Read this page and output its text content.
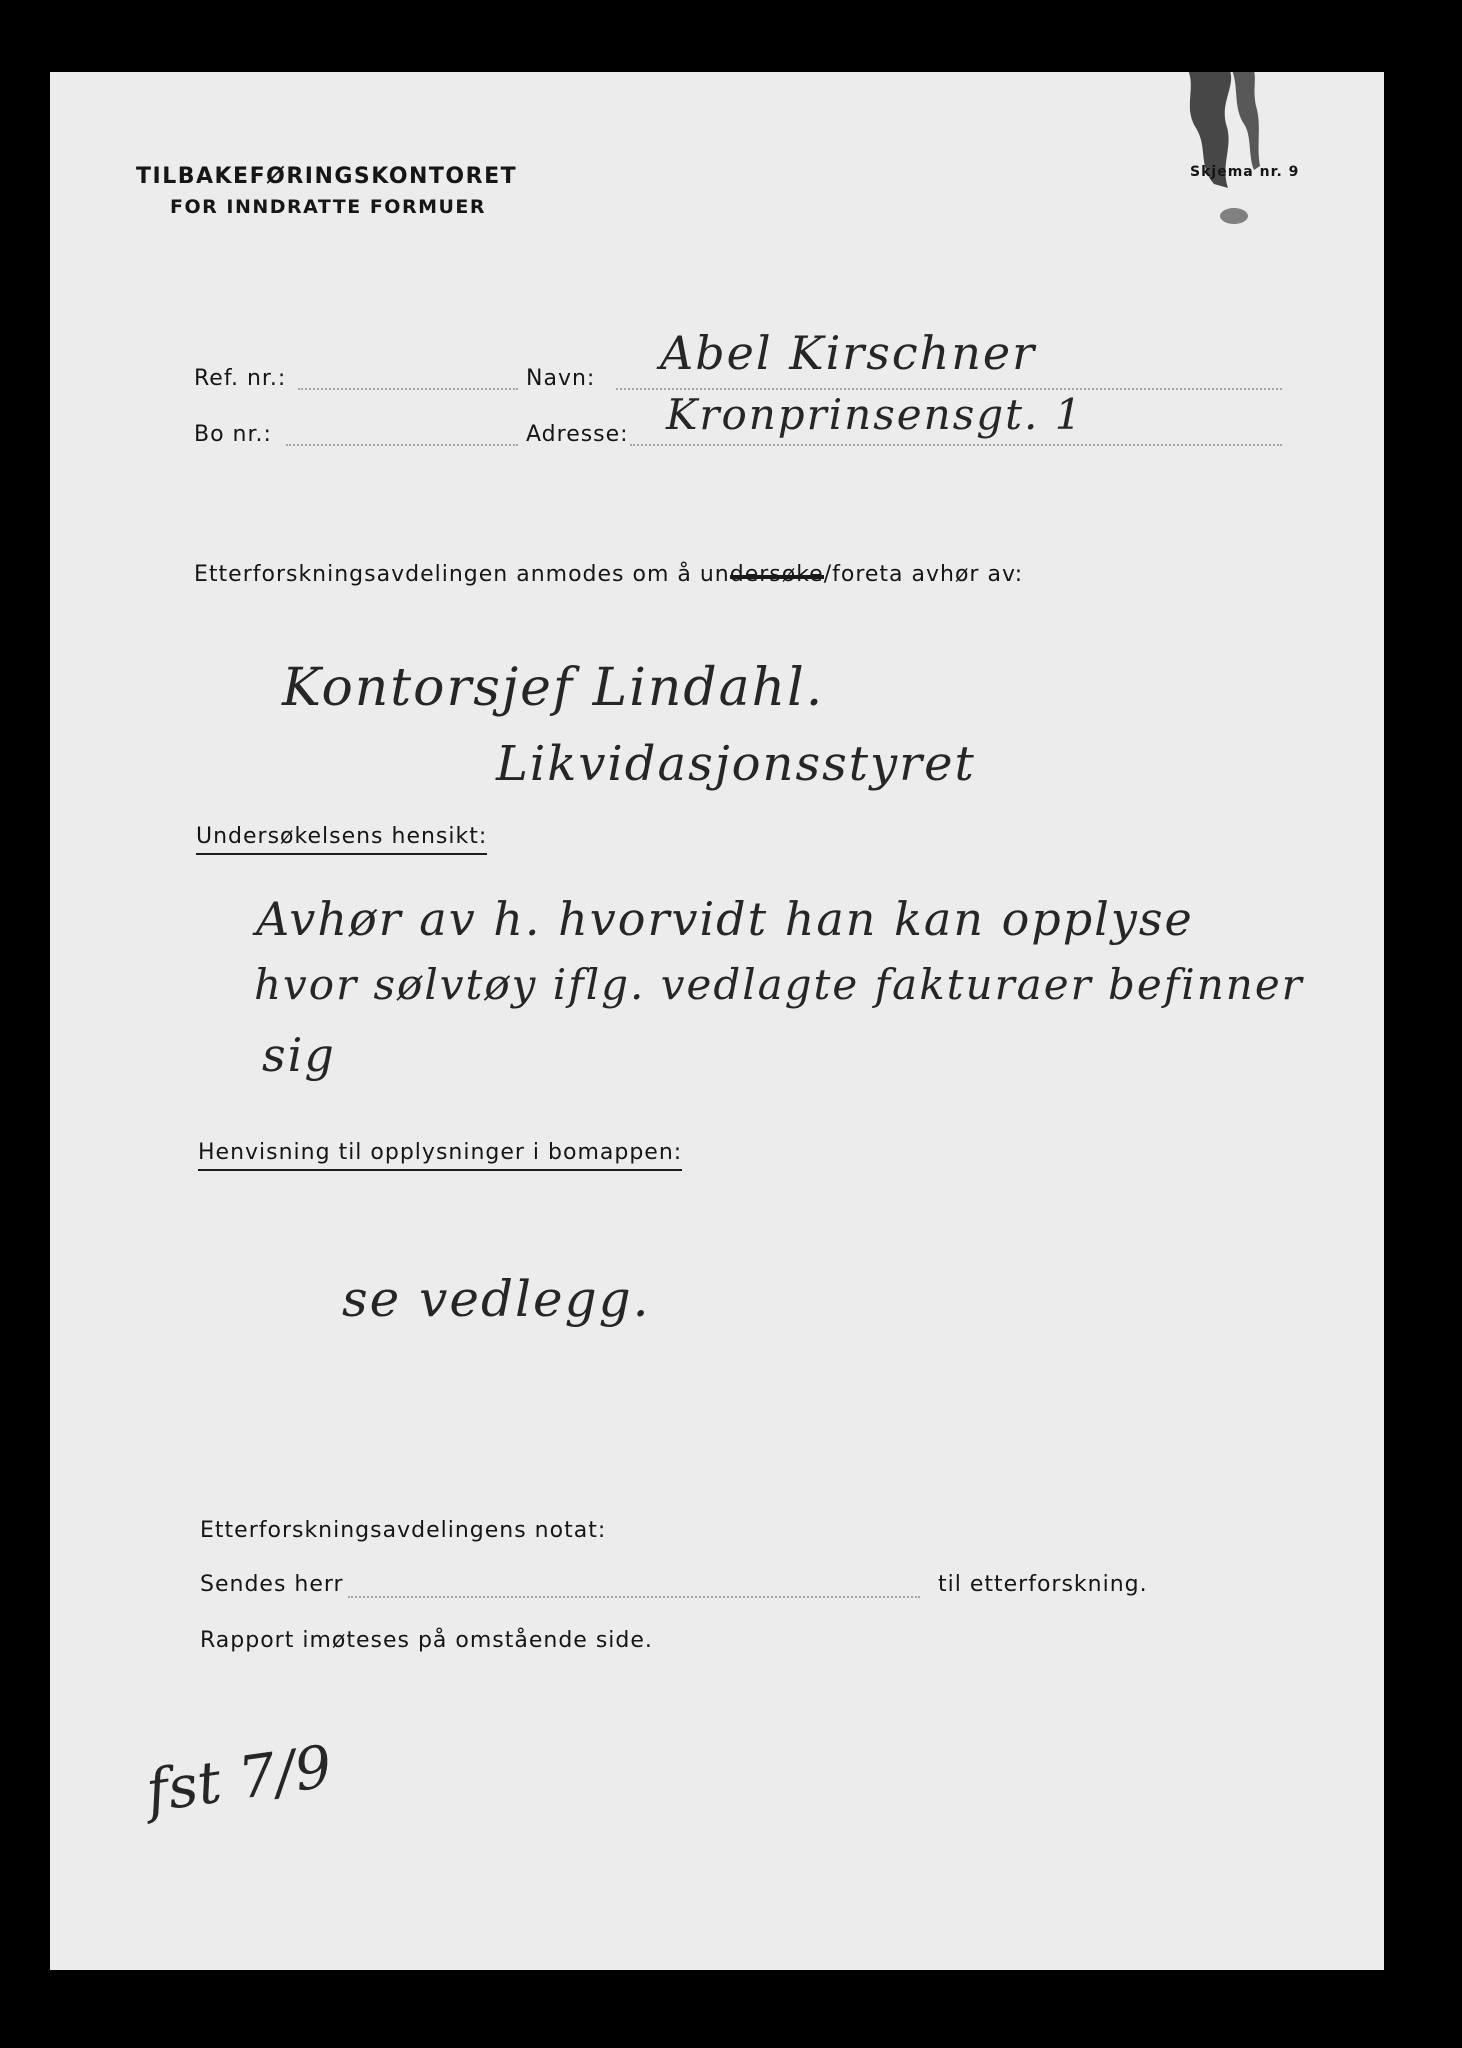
TILBAKEFØRINGSKONTORET
FOR INNDRATTE FORMUER
Skjema nr. 9
Ref. nr.:
Bo nr.:
Navn: Abel Kirschner
Adresse: Kronprinsensgt. 1
Etterforskningsavdelingen anmodes om å undersøke
/foreta avhør av:
Kontorsjef Lindahl.
Likvidasjonsstyret
Undersøkelsens hensikt:
Avhør av h. hvorvidt han kan opplyse
hvor sølvtøy iflg. vedlagte fakturaer befinner
sig
Henvisning til opplysninger i bomappen:
se vedlegg.
Etterforskningsavdelingens notat:
Sendes herr	til etterforskning.
Rapport imøteses på omstående side.
fst 7/9
